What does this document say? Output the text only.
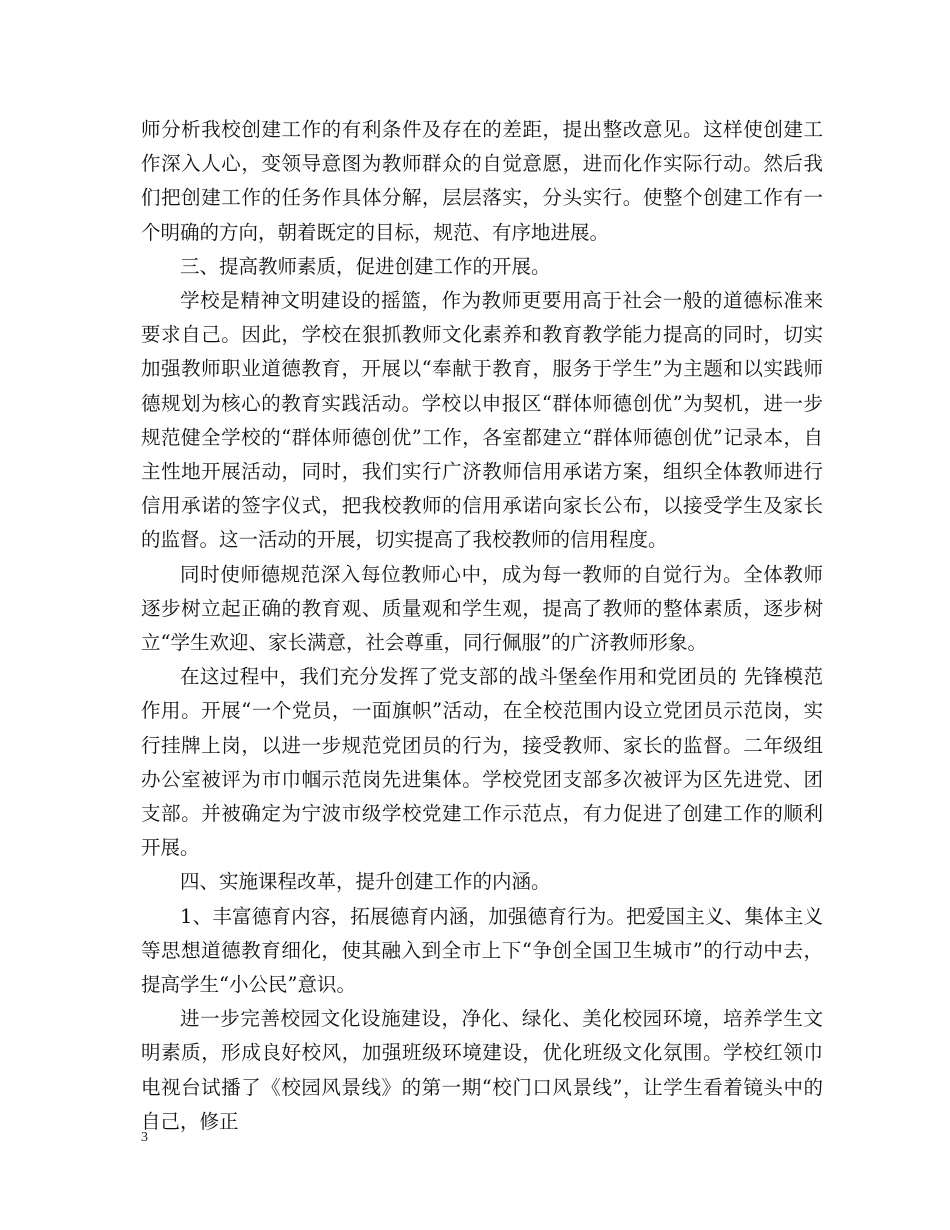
师分析我校创建工作的有利条件及存在的差距，提出整改意见。这样使创建工作深入人心，变领导意图为教师群众的自觉意愿，进而化作实际行动。然后我们把创建工作的任务作具体分解，层层落实，分头实行。使整个创建工作有一个明确的方向，朝着既定的目标，规范、有序地进展。

三、提高教师素质，促进创建工作的开展。

学校是精神文明建设的摇篮，作为教师更要用高于社会一般的道德标准来要求自己。因此，学校在狠抓教师文化素养和教育教学能力提高的同时，切实加强教师职业道德教育，开展以“奉献于教育，服务于学生”为主题和以实践师德规划为核心的教育实践活动。学校以申报区“群体师德创优”为契机，进一步规范健全学校的“群体师德创优”工作，各室都建立“群体师德创优”记录本，自主性地开展活动，同时，我们实行广济教师信用承诺方案，组织全体教师进行信用承诺的签字仪式，把我校教师的信用承诺向家长公布，以接受学生及家长的监督。这一活动的开展，切实提高了我校教师的信用程度。

同时使师德规范深入每位教师心中，成为每一教师的自觉行为。全体教师逐步树立起正确的教育观、质量观和学生观，提高了教师的整体素质，逐步树立“学生欢迎、家长满意，社会尊重，同行佩服”的广济教师形象。

在这过程中，我们充分发挥了党支部的战斗堡垒作用和党团员的 先锋模范作用。开展“一个党员，一面旗帜”活动，在全校范围内设立党团员示范岗，实行挂牌上岗，以进一步规范党团员的行为，接受教师、家长的监督。二年级组办公室被评为市巾帼示范岗先进集体。学校党团支部多次被评为区先进党、团支部。并被确定为宁波市级学校党建工作示范点，有力促进了创建工作的顺利开展。

四、实施课程改革，提升创建工作的内涵。

1、丰富德育内容，拓展德育内涵，加强德育行为。把爱国主义、集体主义等思想道德教育细化，使其融入到全市上下“争创全国卫生城市”的行动中去，提高学生“小公民”意识。

进一步完善校园文化设施建设，净化、绿化、美化校园环境，培养学生文明素质，形成良好校风，加强班级环境建设，优化班级文化氛围。学校红领巾电视台试播了《校园风景线》的第一期“校门口风景线”，让学生看着镜头中的自己，修正

3
